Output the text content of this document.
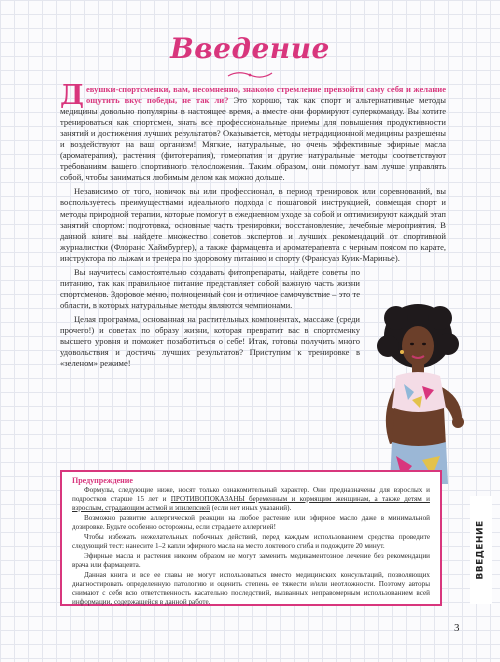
Введение

Девушки-спортсменки, вам, несомненно, знакомо стремление превзойти саму себя и желание ощутить вкус победы, не так ли? Это хорошо, так как спорт и альтернативные методы медицины довольно популярны в настоящее время, а вместе они формируют суперкоманду. Вы хотите тренироваться как спортсмен, знать все профессиональные приемы для повышения продуктивности занятий и достижения лучших результатов? Оказывается, методы нетрадиционной медицины разрешены и воздействуют на ваш организм! Мягкие, натуральные, но очень эффективные эфирные масла (ароматерапия), растения (фитотерапия), гомеопатия и другие натуральные методы соответствуют требованиям вашего спортивного телосложения. Таким образом, они помогут вам лучше управлять собой, чтобы заниматься любимым делом как можно дольше.

Независимо от того, новичок вы или профессионал, в период тренировок или соревнований, вы воспользуетесь преимуществами идеального подхода с пошаговой инструкцией, совмещая спорт и методы природной терапии, которые помогут в ежедневном уходе за собой и оптимизируют каждый этап занятий спортом: подготовка, основные часть тренировки, восстановление, лечебные мероприятия. В данной книге вы найдете множество советов экспертов и лучших рекомендаций от спортивной журналистки (Флоранс Хаймбургер), а также фармацевта и ароматерапевта с черным поясом по карате, инструктора по лыжам и тренера по здоровому питанию и спорту (Франсуаз Куик-Маринье).

Вы научитесь самостоятельно создавать фитопрепараты, найдете советы по питанию, так как правильное питание представляет собой важную часть жизни спортсменов. Здоровое меню, полноценный сон и отличное самочувствие – это те области, в которых натуральные методы являются чемпионами.

Целая программа, основанная на растительных компонентах, массаже (среди прочего!) и советах по образу жизни, которая превратит вас в спортсменку высшего уровня и поможет позаботиться о себе! Итак, готовы получить много удовольствия и достичь лучших результатов? Приступим к тренировке в «зеленом» режиме!

Предупреждение

Формулы, следующие ниже, носят только ознакомительный характер. Они предназначены для взрослых и подростков старше 15 лет и ПРОТИВОПОКАЗАНЫ беременным и кормящим женщинам, а также детям и взрослым, страдающим астмой и эпилепсией (если нет иных указаний).

Возможно развитие аллергической реакции на любое растение или эфирное масло даже в минимальной дозировке. Будьте особенно осторожны, если страдаете аллергией!

Чтобы избежать нежелательных побочных действий, перед каждым использованием средства проведите следующий тест: нанесите 1–2 капли эфирного масла на место локтевого сгиба и подождите 20 минут.

Эфирные масла и растения никоим образом не могут заменить медикаментозное лечение без рекомендации врача или фармацевта.

Данная книга и все ее главы не могут использоваться вместо медицинских консультаций, позволяющих диагностировать определенную патологию и оценить степень ее тяжести и/или неотложности. Поэтому авторы снимают с себя всю ответственность касательно последствий, вызванных неправомерным использованием всей информации, содержащейся в данной работе.

ВВЕДЕНИЕ
3
